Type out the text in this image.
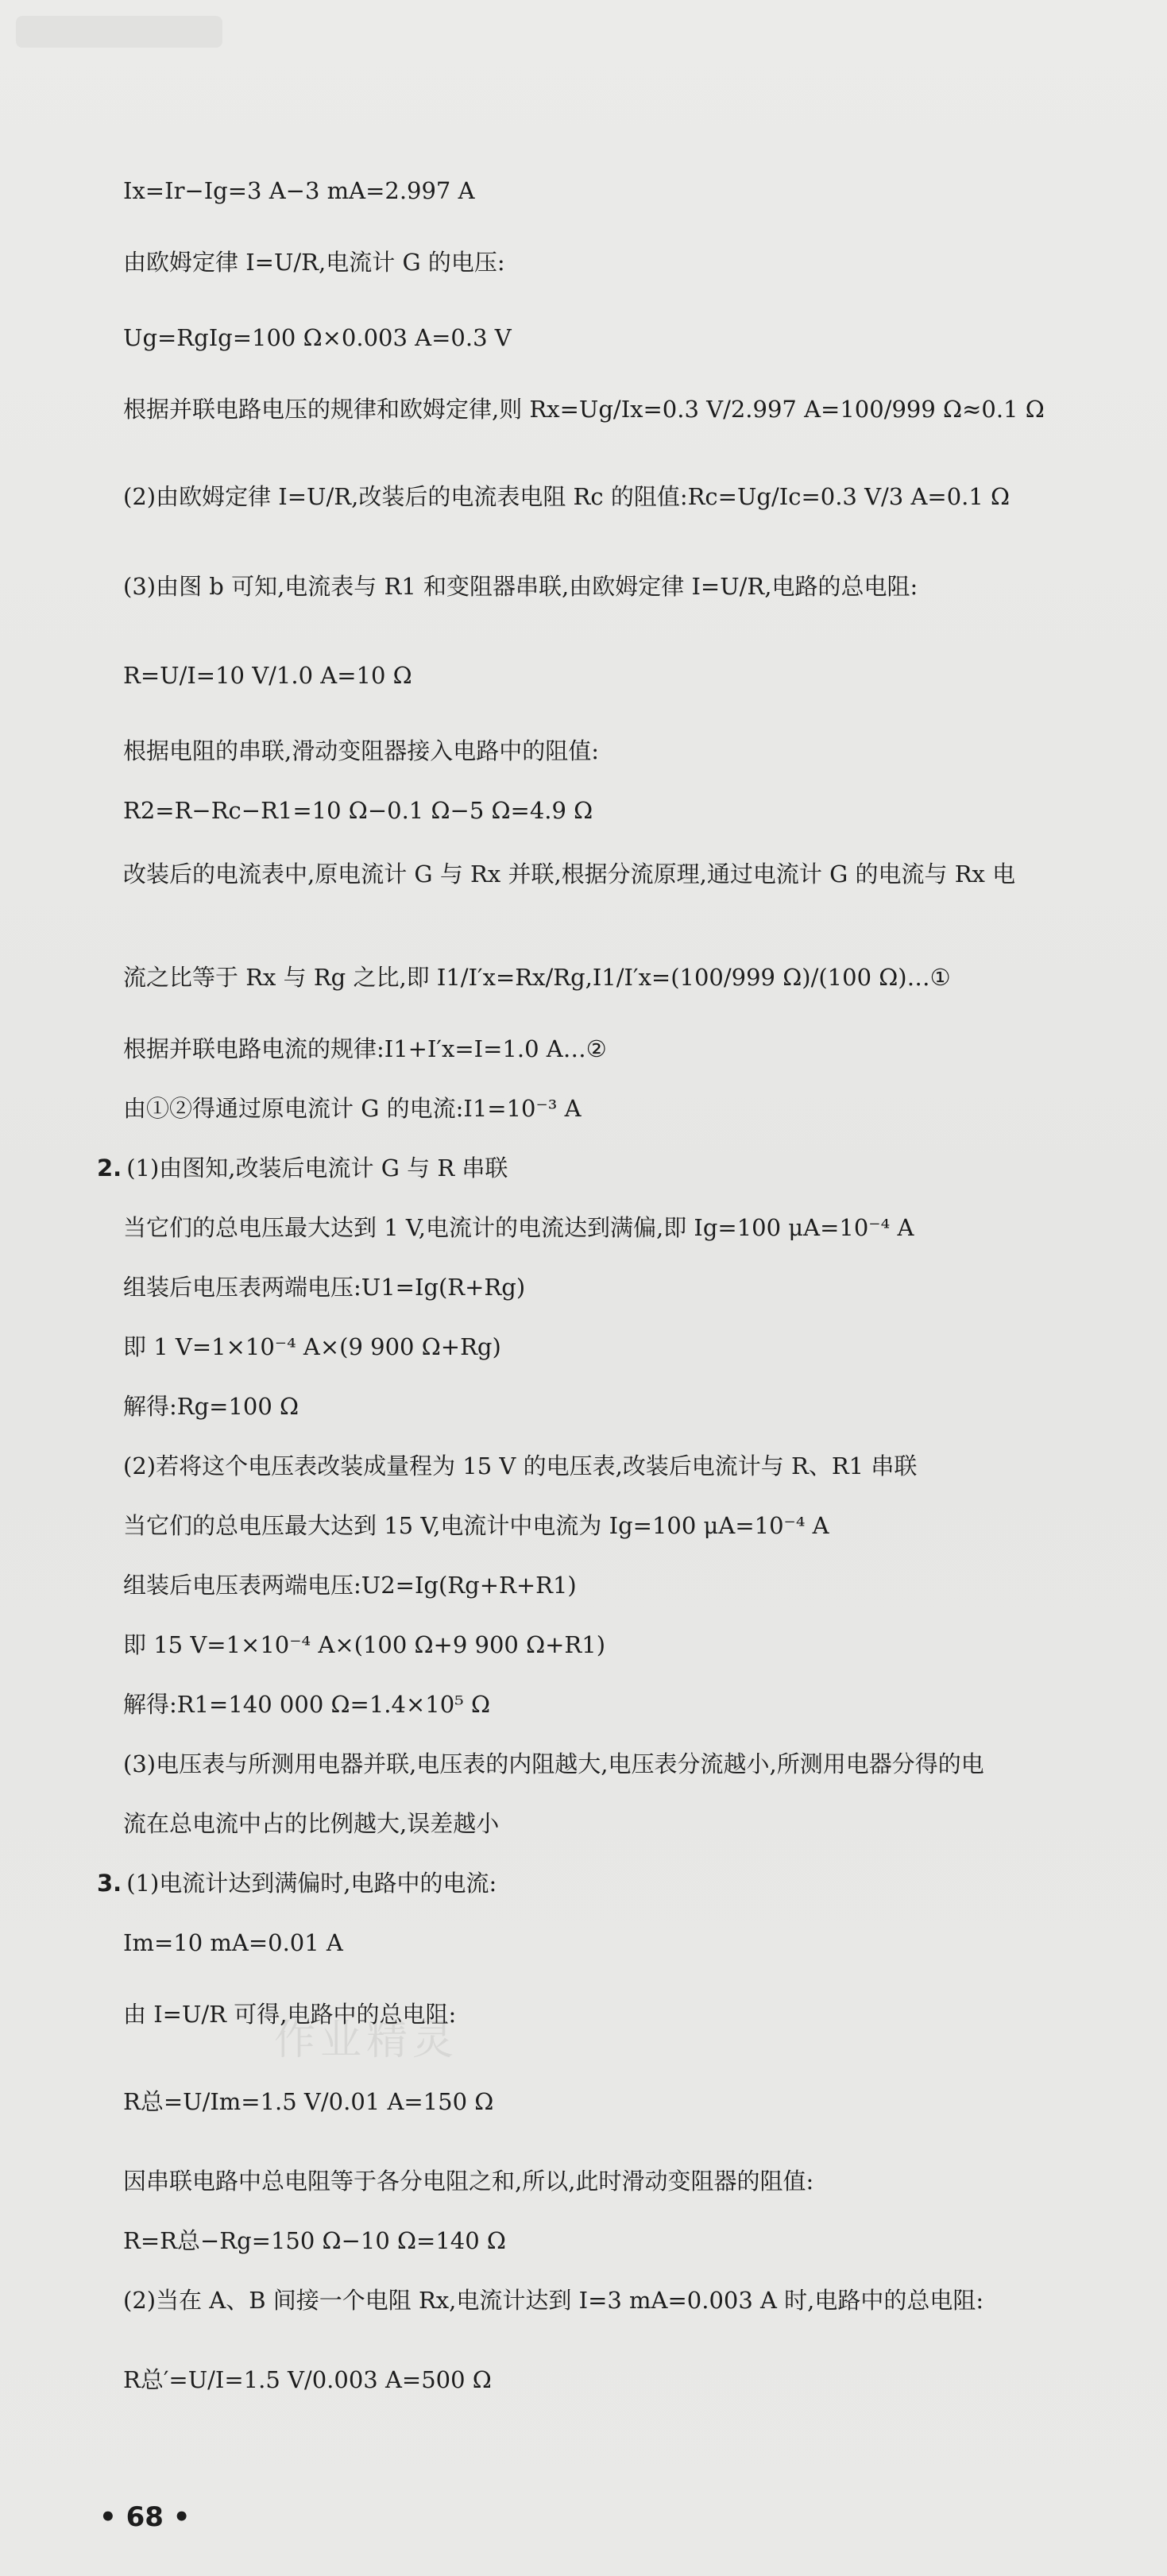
Ix=Ir−Ig=3 A−3 mA=2.997 A
由欧姆定律 I=U/R,电流计 G 的电压:
Ug=RgIg=100 Ω×0.003 A=0.3 V
根据并联电路电压的规律和欧姆定律,则 Rx=Ug/Ix=0.3 V/2.997 A=100/999 Ω≈0.1 Ω
(2)由欧姆定律 I=U/R,改装后的电流表电阻 Rc 的阻值:Rc=Ug/Ic=0.3 V/3 A=0.1 Ω
(3)由图 b 可知,电流表与 R1 和变阻器串联,由欧姆定律 I=U/R,电路的总电阻:
R=U/I=10 V/1.0 A=10 Ω
根据电阻的串联,滑动变阻器接入电路中的阻值:
R2=R−Rc−R1=10 Ω−0.1 Ω−5 Ω=4.9 Ω
改装后的电流表中,原电流计 G 与 Rx 并联,根据分流原理,通过电流计 G 的电流与 Rx 电
流之比等于 Rx 与 Rg 之比,即 I1/I′x=Rx/Rg,I1/I′x=(100/999 Ω)/(100 Ω)…①
根据并联电路电流的规律:I1+I′x=I=1.0 A…②
由①②得通过原电流计 G 的电流:I1=10⁻³ A
2. (1)由图知,改装后电流计 G 与 R 串联
当它们的总电压最大达到 1 V,电流计的电流达到满偏,即 Ig=100 μA=10⁻⁴ A
组装后电压表两端电压:U1=Ig(R+Rg)
即 1 V=1×10⁻⁴ A×(9 900 Ω+Rg)
解得:Rg=100 Ω
(2)若将这个电压表改装成量程为 15 V 的电压表,改装后电流计与 R、R1 串联
当它们的总电压最大达到 15 V,电流计中电流为 Ig=100 μA=10⁻⁴ A
组装后电压表两端电压:U2=Ig(Rg+R+R1)
即 15 V=1×10⁻⁴ A×(100 Ω+9 900 Ω+R1)
解得:R1=140 000 Ω=1.4×10⁵ Ω
(3)电压表与所测用电器并联,电压表的内阻越大,电压表分流越小,所测用电器分得的电
流在总电流中占的比例越大,误差越小
3. (1)电流计达到满偏时,电路中的电流:
Im=10 mA=0.01 A
由 I=U/R 可得,电路中的总电阻:
R总=U/Im=1.5 V/0.01 A=150 Ω
因串联电路中总电阻等于各分电阻之和,所以,此时滑动变阻器的阻值:
R=R总−Rg=150 Ω−10 Ω=140 Ω
(2)当在 A、B 间接一个电阻 Rx,电流计达到 I=3 mA=0.003 A 时,电路中的总电阻:
R总′=U/I=1.5 V/0.003 A=500 Ω
作业精灵
• 68 •
